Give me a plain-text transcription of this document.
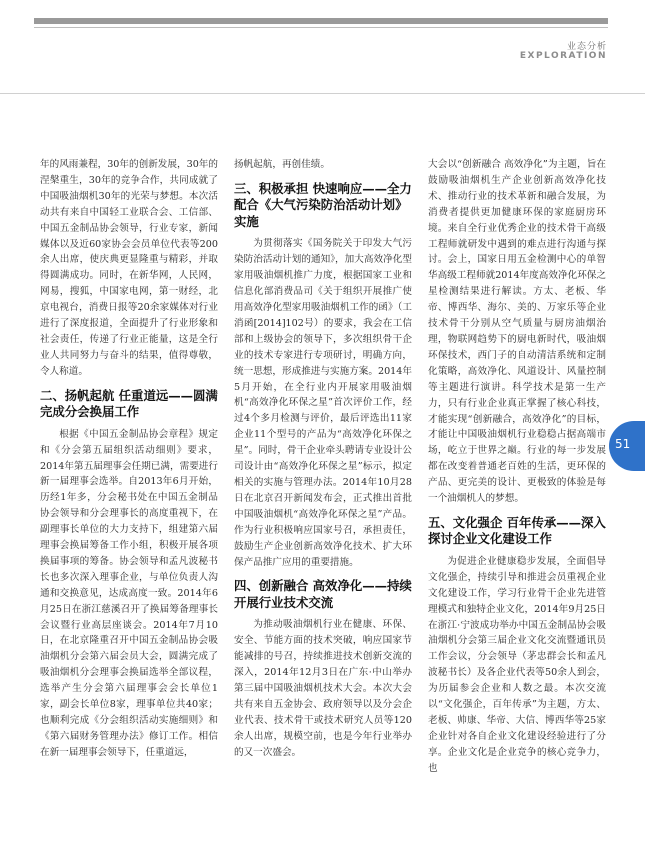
业态分析
EXPLORATION

年的风雨兼程，30年的创新发展，30年的涅槃重生，30年的竞争合作，共同成就了中国吸油烟机30年的光荣与梦想。本次活动共有来自中国轻工业联合会、工信部、中国五金制品协会领导，行业专家，新闻媒体以及近60家协会会员单位代表等200余人出席，使庆典更显隆重与精彩，并取得圆满成功。同时，在新华网，人民网，网易，搜狐，中国家电网，第一财经，北京电视台，消费日报等20余家媒体对行业进行了深度报道，全面提升了行业形象和社会责任，传递了行业正能量，这是全行业人共同努力与奋斗的结果，值得尊敬，令人称道。

二、扬帆起航 任重道远——圆满完成分会换届工作

根据《中国五金制品协会章程》规定和《分会第五届组织活动细则》要求，2014年第五届理事会任期已满，需要进行新一届理事会选举。自2013年6月开始，历经1年多，分会秘书处在中国五金制品协会领导和分会理事长的高度重视下，在副理事长单位的大力支持下，组建第六届理事会换届筹备工作小组，积极开展各项换届事项的筹备。协会领导和孟凡波秘书长也多次深入理事企业，与单位负责人沟通和交换意见，达成高度一致。2014年6月25日在浙江慈溪召开了换届筹备理事长会议暨行业高层座谈会。2014年7月10日，在北京隆重召开中国五金制品协会吸油烟机分会第六届会员大会，圆满完成了吸油烟机分会理事会换届选举全部议程，选举产生分会第六届理事会会长单位1家，副会长单位8家，理事单位共40家；也顺利完成《分会组织活动实施细则》和《第六届财务管理办法》修订工作。相信在新一届理事会领导下，任重道远，

扬帆起航，再创佳绩。

三、积极承担 快速响应——全力配合《大气污染防治活动计划》实施

为贯彻落实《国务院关于印发大气污染防治活动计划的通知》，加大高效净化型家用吸油烟机推广力度，根据国家工业和信息化部消费品司《关于组织开展推广使用高效净化型家用吸油烟机工作的函》（工消函[2014]102号）的要求，我会在工信部和上级协会的领导下，多次组织骨干企业的技术专家进行专项研讨，明确方向，统一思想，形成推进与实施方案。2014年5月开始，在全行业内开展家用吸油烟机“高效净化环保之星”首次评价工作，经过4个多月检测与评价，最后评选出11家企业11个型号的产品为“高效净化环保之星”。同时，骨干企业牵头聘请专业设计公司设计由“高效净化环保之星”标示，拟定相关的实施与管理办法。2014年10月28日在北京召开新闻发布会，正式推出首批中国吸油烟机“高效净化环保之星”产品。作为行业积极响应国家号召，承担责任，鼓励生产企业创新高效净化技术、扩大环保产品推广应用的重要措施。

四、创新融合 高效净化——持续开展行业技术交流

为推动吸油烟机行业在健康、环保、安全、节能方面的技术突破，响应国家节能减排的号召，持续推进技术创新交流的深入，2014年12月3日在广东·中山举办第三届中国吸油烟机技术大会。本次大会共有来自五金协会、政府领导以及分会企业代表、技术骨干或技术研究人员等120余人出席，规模空前，也是今年行业举办的又一次盛会。

大会以“创新融合 高效净化”为主题，旨在鼓励吸油烟机生产企业创新高效净化技术、推动行业的技术革新和融合发展，为消费者提供更加健康环保的家庭厨房环境。来自全行业优秀企业的技术骨干高级工程师就研发中遇到的难点进行沟通与探讨。会上，国家日用五金检测中心的单智华高级工程师就2014年度高效净化环保之星检测结果进行解读。方太、老板、华帝、博西华、海尔、美的、万家乐等企业技术骨干分别从空气质量与厨房油烟治理，物联网趋势下的厨电新时代，吸油烟环保技术，西门子的自动清洁系统和定制化策略，高效净化、风道设计、风量控制等主题进行演讲。科学技术是第一生产力，只有行业企业真正掌握了核心科技，才能实现“创新融合，高效净化”的目标，才能让中国吸油烟机行业稳稳占据高端市场，屹立于世界之巅。行业的每一步发展都在改变着普通老百姓的生活，更环保的产品、更完美的设计、更极致的体验是每一个油烟机人的梦想。

五、文化强企 百年传承——深入探讨企业文化建设工作

为促进企业健康稳步发展，全面倡导文化强企，持续引导和推进会员重视企业文化建设工作，学习行业骨干企业先进管理模式和独特企业文化，2014年9月25日在浙江·宁波成功举办中国五金制品协会吸油烟机分会第三届企业文化交流暨通讯员工作会议，分会领导（茅忠群会长和孟凡波秘书长）及各企业代表等50余人到会，为历届参会企业和人数之最。本次交流以“文化强企，百年传承”为主题，方太、老板、帅康、华帝、大信、博西华等25家企业针对各自企业文化建设经验进行了分享。企业文化是企业竞争的核心竞争力，也

51
